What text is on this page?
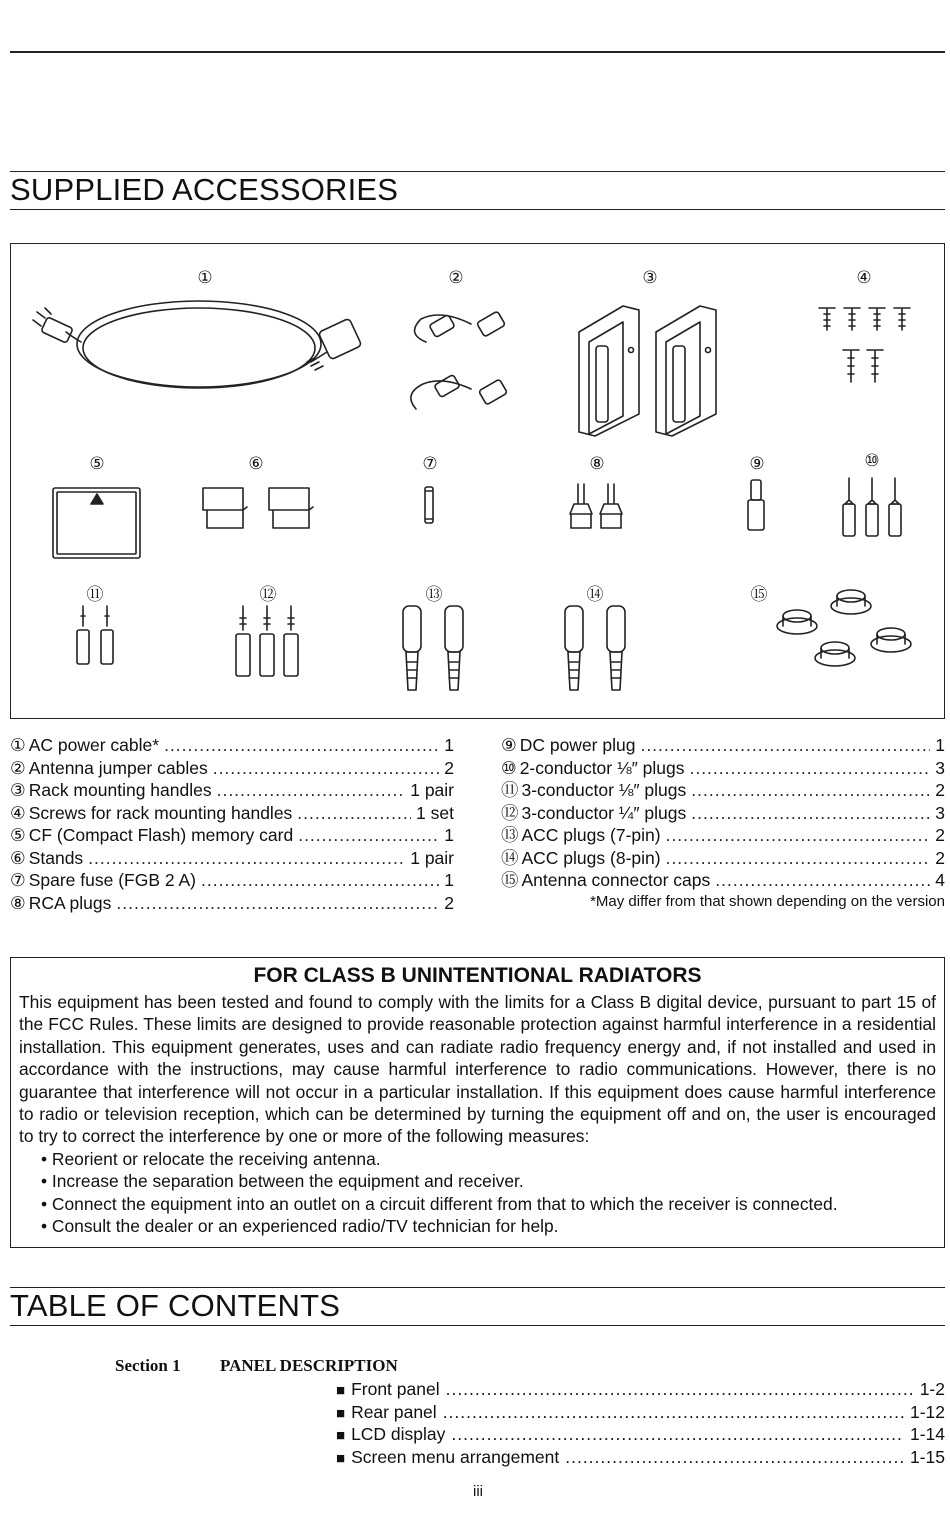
SUPPLIED ACCESSORIES
①	②	③	④
⑤	⑥	⑦	⑧	⑨	⑩
⑪	⑫	⑬	⑭	⑮
① AC power cable* .....	1
② Antenna jumper cables .....	2
③ Rack mounting handles .....	1 pair
④ Screws for rack mounting handles .....	1 set
⑤ CF (Compact Flash) memory card .....	1
⑥ Stands .....	1 pair
⑦ Spare fuse (FGB 2 A) .....	1
⑧ RCA plugs .....	2
⑨ DC power plug .....	1
⑩ 2-conductor ⅛″ plugs .....	3
⑪ 3-conductor ⅛″ plugs .....	2
⑫ 3-conductor ¼″ plugs .....	3
⑬ ACC plugs (7-pin) .....	2
⑭ ACC plugs (8-pin) .....	2
⑮ Antenna connector caps .....	4
*May differ from that shown depending on the version
FOR CLASS B UNINTENTIONAL RADIATORS

This equipment has been tested and found to comply with the limits for a Class B digital device, pursuant to part 15 of the FCC Rules. These limits are designed to provide reasonable protection against harmful interference in a residential installation. This equipment generates, uses and can radiate radio frequency energy and, if not installed and used in accordance with the instructions, may cause harmful interference to radio communications. However, there is no guarantee that interference will not occur in a particular installation. If this equipment does cause harmful interference to radio or television reception, which can be determined by turning the equipment off and on, the user is encouraged to try to correct the interference by one or more of the following measures:

• Reorient or relocate the receiving antenna.
• Increase the separation between the equipment and receiver.
• Connect the equipment into an outlet on a circuit different from that to which the receiver is connected.
• Consult the dealer or an experienced radio/TV technician for help.
TABLE OF CONTENTS
Section 1 PANEL DESCRIPTION
■ Front panel .....	1-2
■ Rear panel .....	1-12
■ LCD display .....	1-14
■ Screen menu arrangement .....	1-15
iii
